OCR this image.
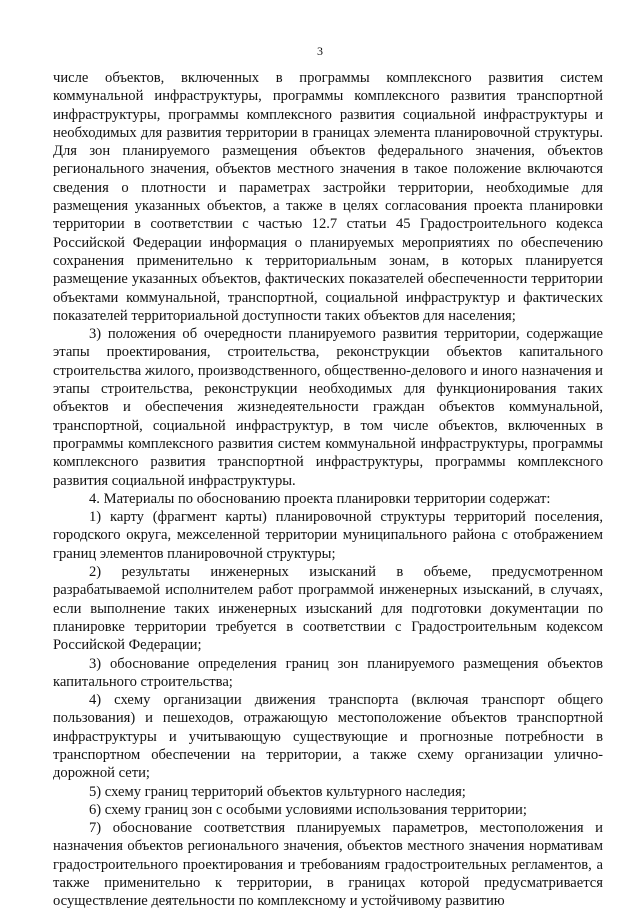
3

числе объектов, включенных в программы комплексного развития систем коммунальной инфраструктуры, программы комплексного развития транспортной инфраструктуры, программы комплексного развития социальной инфраструктуры и необходимых для развития территории в границах элемента планировочной структуры. Для зон планируемого размещения объектов федерального значения, объектов регионального значения, объектов местного значения в такое положение включаются сведения о плотности и параметрах застройки территории, необходимые для размещения указанных объектов, а также в целях согласования проекта планировки территории в соответствии с частью 12.7 статьи 45 Градостроительного кодекса Российской Федерации информация о планируемых мероприятиях по обеспечению сохранения применительно к территориальным зонам, в которых планируется размещение указанных объектов, фактических показателей обеспеченности территории объектами коммунальной, транспортной, социальной инфраструктур и фактических показателей территориальной доступности таких объектов для населения;

3) положения об очередности планируемого развития территории, содержащие этапы проектирования, строительства, реконструкции объектов капитального строительства жилого, производственного, общественно-делового и иного назначения и этапы строительства, реконструкции необходимых для функционирования таких объектов и обеспечения жизнедеятельности граждан объектов коммунальной, транспортной, социальной инфраструктур, в том числе объектов, включенных в программы комплексного развития систем коммунальной инфраструктуры, программы комплексного развития транспортной инфраструктуры, программы комплексного развития социальной инфраструктуры.

4. Материалы по обоснованию проекта планировки территории содержат:

1) карту (фрагмент карты) планировочной структуры территорий поселения, городского округа, межселенной территории муниципального района с отображением границ элементов планировочной структуры;

2) результаты инженерных изысканий в объеме, предусмотренном разрабатываемой исполнителем работ программой инженерных изысканий, в случаях, если выполнение таких инженерных изысканий для подготовки документации по планировке территории требуется в соответствии с Градостроительным кодексом Российской Федерации;

3) обоснование определения границ зон планируемого размещения объектов капитального строительства;

4) схему организации движения транспорта (включая транспорт общего пользования) и пешеходов, отражающую местоположение объектов транспортной инфраструктуры и учитывающую существующие и прогнозные потребности в транспортном обеспечении на территории, а также схему организации улично-дорожной сети;

5) схему границ территорий объектов культурного наследия;

6) схему границ зон с особыми условиями использования территории;

7) обоснование соответствия планируемых параметров, местоположения и назначения объектов регионального значения, объектов местного значения нормативам градостроительного проектирования и требованиям градостроительных регламентов, а также применительно к территории, в границах которой предусматривается осуществление деятельности по комплексному и устойчивому развитию
